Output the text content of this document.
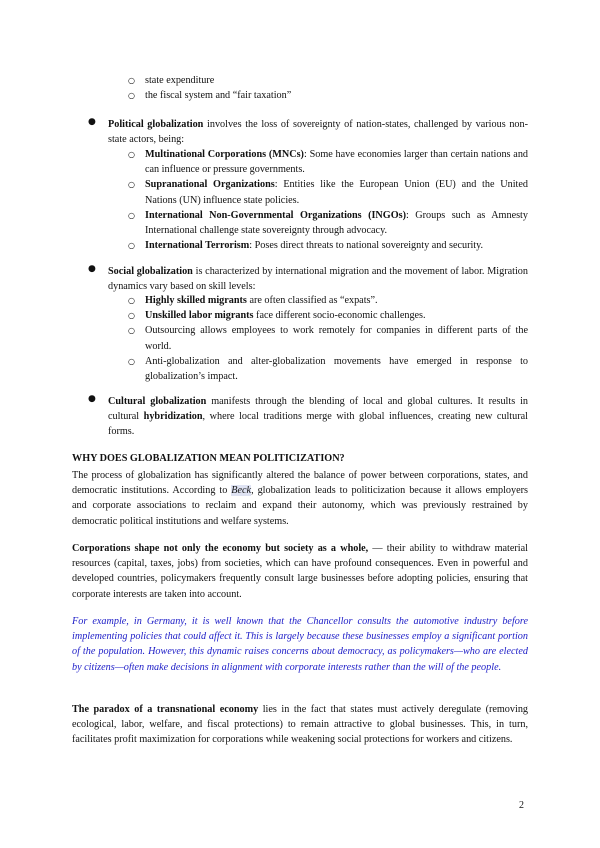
○ state expenditure
○ the fiscal system and “fair taxation”
● Political globalization involves the loss of sovereignty of nation-states, challenged by various non-state actors, being:

○ Multinational Corporations (MNCs): Some have economies larger than certain nations and can influence or pressure governments.
○ Supranational Organizations: Entities like the European Union (EU) and the United Nations (UN) influence state policies.
○ International Non-Governmental Organizations (INGOs): Groups such as Amnesty International challenge state sovereignty through advocacy.
○ International Terrorism: Poses direct threats to national sovereignty and security.
● Social globalization is characterized by international migration and the movement of labor. Migration dynamics vary based on skill levels:

○ Highly skilled migrants are often classified as “expats”.
○ Unskilled labor migrants face different socio-economic challenges.
○ Outsourcing allows employees to work remotely for companies in different parts of the world.
○ Anti-globalization and alter-globalization movements have emerged in response to globalization’s impact.
● Cultural globalization manifests through the blending of local and global cultures. It results in cultural hybridization, where local traditions merge with global influences, creating new cultural forms.

WHY DOES GLOBALIZATION MEAN POLITICIZATION?

The process of globalization has significantly altered the balance of power between corporations, states, and democratic institutions. According to Beck, globalization leads to politicization because it allows employers and corporate associations to reclaim and expand their autonomy, which was previously restrained by democratic political institutions and welfare systems.

Corporations shape not only the economy but society as a whole, — their ability to withdraw material resources (capital, taxes, jobs) from societies, which can have profound consequences. Even in powerful and developed countries, policymakers frequently consult large businesses before adopting policies, ensuring that corporate interests are taken into account.

For example, in Germany, it is well known that the Chancellor consults the automotive industry before implementing policies that could affect it. This is largely because these businesses employ a significant portion of the population. However, this dynamic raises concerns about democracy, as policymakers—who are elected by citizens—often make decisions in alignment with corporate interests rather than the will of the people.

The paradox of a transnational economy lies in the fact that states must actively deregulate (removing ecological, labor, welfare, and fiscal protections) to remain attractive to global businesses. This, in turn, facilitates profit maximization for corporations while weakening social protections for workers and citizens.

2
